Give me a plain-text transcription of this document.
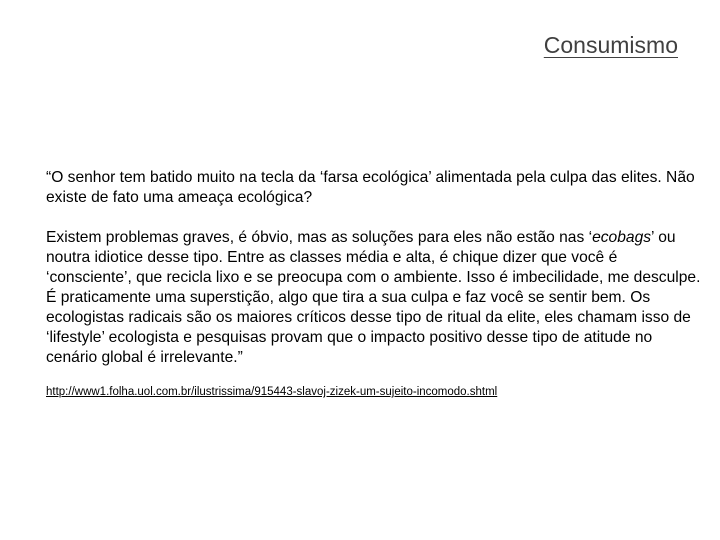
Consumismo

“O senhor tem batido muito na tecla da ‘farsa ecológica’ alimentada pela culpa das elites. Não existe de fato uma ameaça ecológica?

Existem problemas graves, é óbvio, mas as soluções para eles não estão nas ‘ecobags’ ou noutra idiotice desse tipo. Entre as classes média e alta, é chique dizer que você é ‘consciente’, que recicla lixo e se preocupa com o ambiente. Isso é imbecilidade, me desculpe.

É praticamente uma superstição, algo que tira a sua culpa e faz você se sentir bem. Os ecologistas radicais são os maiores críticos desse tipo de ritual da elite, eles chamam isso de ‘lifestyle’ ecologista e pesquisas provam que o impacto positivo desse tipo de atitude no cenário global é irrelevante.”

http://www1.folha.uol.com.br/ilustrissima/915443-slavoj-zizek-um-sujeito-incomodo.shtml
